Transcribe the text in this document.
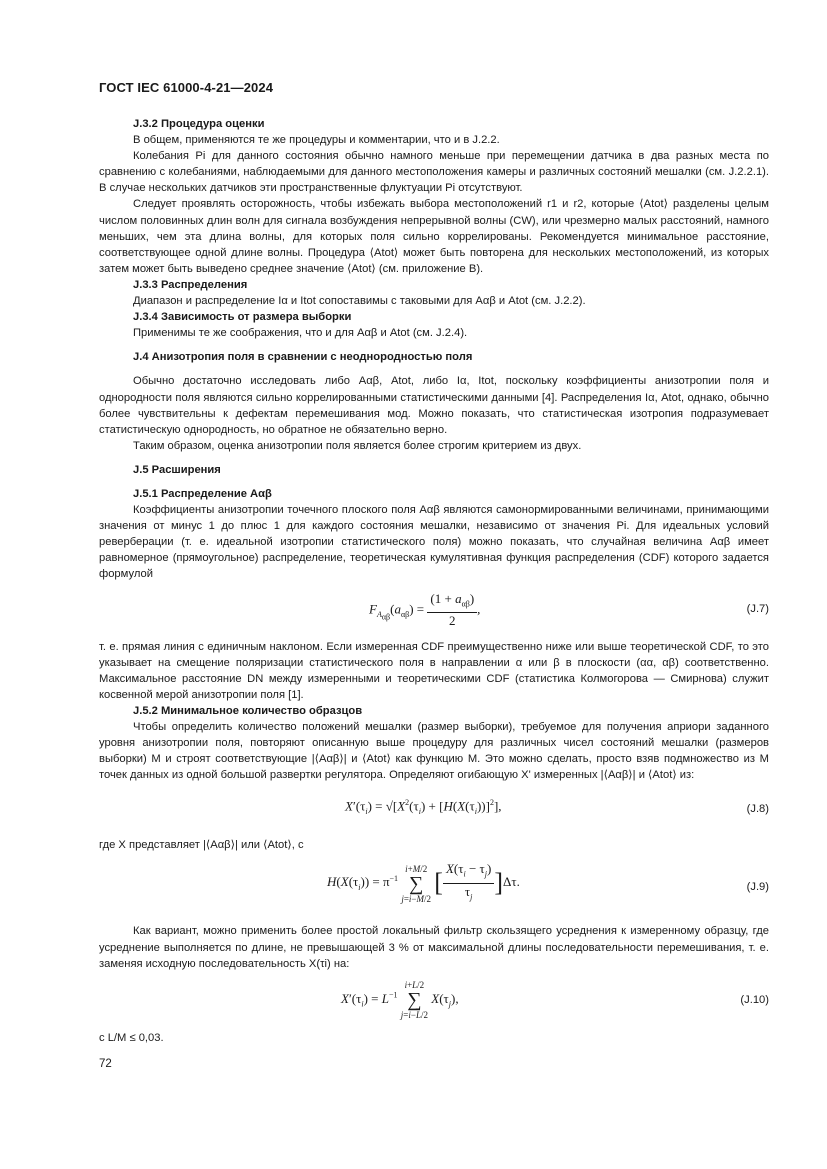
ГОСТ IEC 61000-4-21—2024
J.3.2 Процедура оценки

В общем, применяются те же процедуры и комментарии, что и в J.2.2.

Колебания Pi для данного состояния обычно намного меньше при перемещении датчика в два разных места по сравнению с колебаниями, наблюдаемыми для данного местоположения камеры и различных состояний мешалки (см. J.2.2.1). В случае нескольких датчиков эти пространственные флуктуации Pi отсутствуют.

Следует проявлять осторожность, чтобы избежать выбора местоположений r1 и r2, которые ⟨Atot⟩ разделены целым числом половинных длин волн для сигнала возбуждения непрерывной волны (CW), или чрезмерно малых расстояний, намного меньших, чем эта длина волны, для которых поля сильно коррелированы. Рекомендуется минимальное расстояние, соответствующее одной длине волны. Процедура ⟨Atot⟩ может быть повторена для нескольких местоположений, из которых затем может быть выведено среднее значение ⟨Atot⟩ (см. приложение В).

J.3.3 Распределения

Диапазон и распределение Iα и Itot сопоставимы с таковыми для Aαβ и Atot (см. J.2.2).

J.3.4 Зависимость от размера выборки

Применимы те же соображения, что и для Aαβ и Atot (см. J.2.4).

J.4 Анизотропия поля в сравнении с неоднородностью поля

Обычно достаточно исследовать либо Aαβ, Atot, либо Iα, Itot, поскольку коэффициенты анизотропии поля и однородности поля являются сильно коррелированными статистическими данными [4]. Распределения Iα, Atot, однако, обычно более чувствительны к дефектам перемешивания мод. Можно показать, что статистическая изотропия подразумевает статистическую однородность, но обратное не обязательно верно.

Таким образом, оценка анизотропии поля является более строгим критерием из двух.

J.5 Расширения
J.5.1 Распределение Aαβ

Коэффициенты анизотропии точечного плоского поля Aαβ являются самонормированными величинами, принимающими значения от минус 1 до плюс 1 для каждого состояния мешалки, независимо от значения Pi. Для идеальных условий реверберации (т. е. идеальной изотропии статистического поля) можно показать, что случайная величина Aαβ имеет равномерное (прямоугольное) распределение, теоретическая кумулятивная функция распределения (CDF) которого задается формулой

$F_{A_{\alpha\beta}}(a_{\alpha\beta}) = \frac{(1 + a_{\alpha\beta})}{2}$ ,	(J.7)

т. е. прямая линия с единичным наклоном. Если измеренная CDF преимущественно ниже или выше теоретической CDF, то это указывает на смещение поляризации статистического поля в направлении α или β в плоскости (αα, αβ) соответственно. Максимальное расстояние DN между измеренными и теоретическими CDF (статистика Колмогорова — Смирнова) служит косвенной мерой анизотропии поля [1].

J.5.2 Минимальное количество образцов

Чтобы определить количество положений мешалки (размер выборки), требуемое для получения априори заданного уровня анизотропии поля, повторяют описанную выше процедуру для различных чисел состояний мешалки (размеров выборки) M и строят соответствующие |⟨Aαβ⟩| и ⟨Atot⟩ как функцию M. Это можно сделать, просто взяв подмножество из M точек данных из одной большой развертки регулятора. Определяют огибающую X' измеренных |⟨Aαβ⟩| и ⟨Atot⟩ из:

$X'(\tau_i) = √[X^2(\tau_i) + [H(X(\tau_i))]^2]$,	(J.8)

где X представляет |⟨Aαβ⟩| или ⟨Atot⟩, с

$H(X(\tau_i)) = \pi^{-1}$
i+M/2
∑
j=i−M/2
[ $\frac{X(\tau_i - \tau_j)}{\tau_j} ]\Delta\tau$.	(J.9)

Как вариант, можно применить более простой локальный фильтр скользящего усреднения к измеренному образцу, где усреднение выполняется по длине, не превышающей 3 % от максимальной длины последовательности перемешивания, т. е. заменяя исходную последовательность X(τi) на:

$X'(\tau_i) = L^{-1}$
i+L/2
∑
j=i−L/2
$X(\tau_j)$,	(J.10)

с L/M ≤ 0,03.

72
